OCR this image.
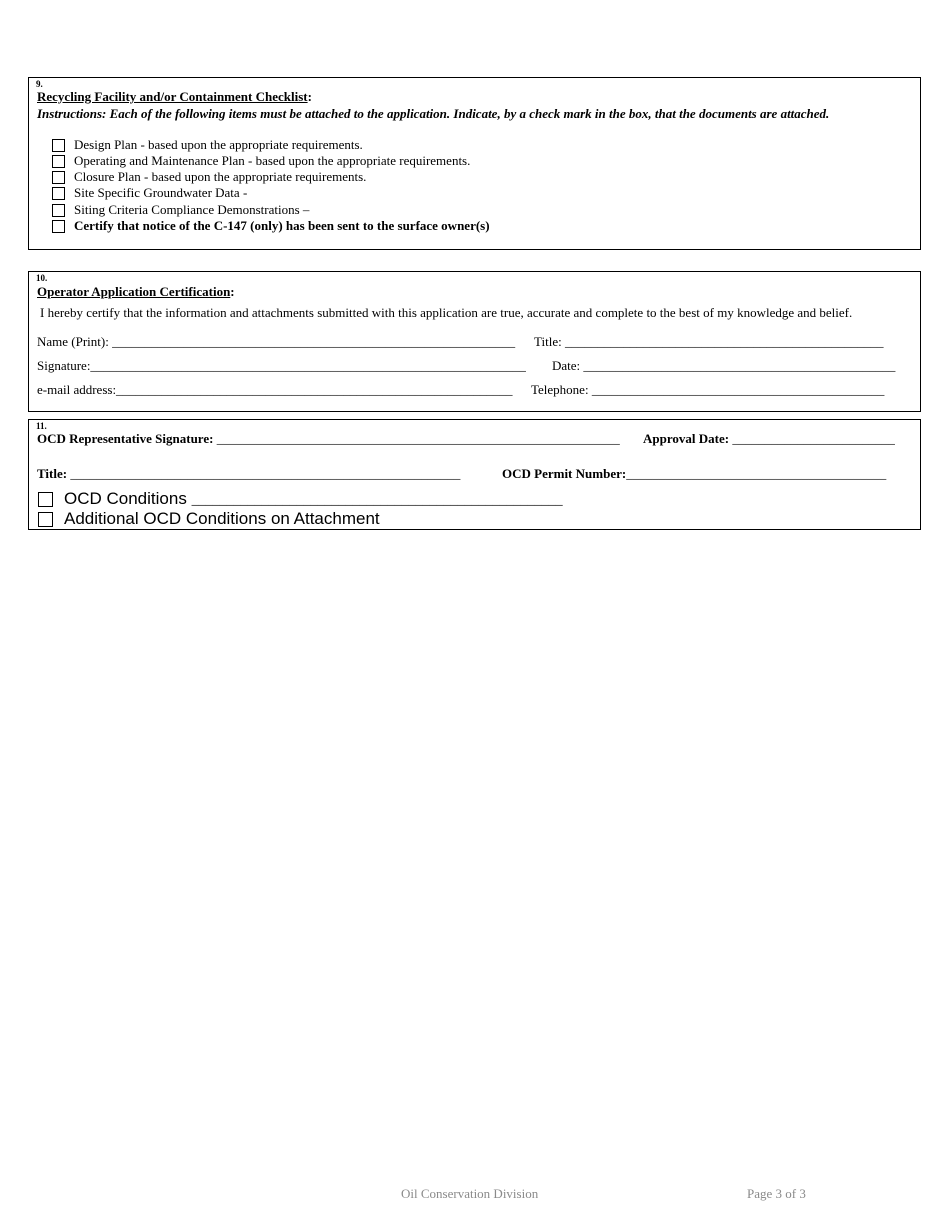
9.
Recycling Facility and/or Containment Checklist:
Instructions: Each of the following items must be attached to the application. Indicate, by a check mark in the box, that the documents are attached.
Design Plan - based upon the appropriate requirements.
Operating and Maintenance Plan - based upon the appropriate requirements.
Closure Plan - based upon the appropriate requirements.
Site Specific Groundwater Data -
Siting Criteria Compliance Demonstrations –
Certify that notice of the C-147 (only) has been sent to the surface owner(s)
10.
Operator Application Certification:
I hereby certify that the information and attachments submitted with this application are true, accurate and complete to the best of my knowledge and belief.
Name (Print): ______________________________________________________________ Title: _________________________________________________
Signature:___________________________________________________________________ Date: ________________________________________________
e-mail address:_____________________________________________________________ Telephone: _____________________________________________
11.
OCD Representative Signature: ______________________________________________________________ Approval Date: _________________________
Title: ____________________________________________________________	OCD Permit Number:________________________________________
OCD Conditions _____________________________________________________
Additional OCD Conditions on Attachment
Oil Conservation Division	Page 3 of 3
